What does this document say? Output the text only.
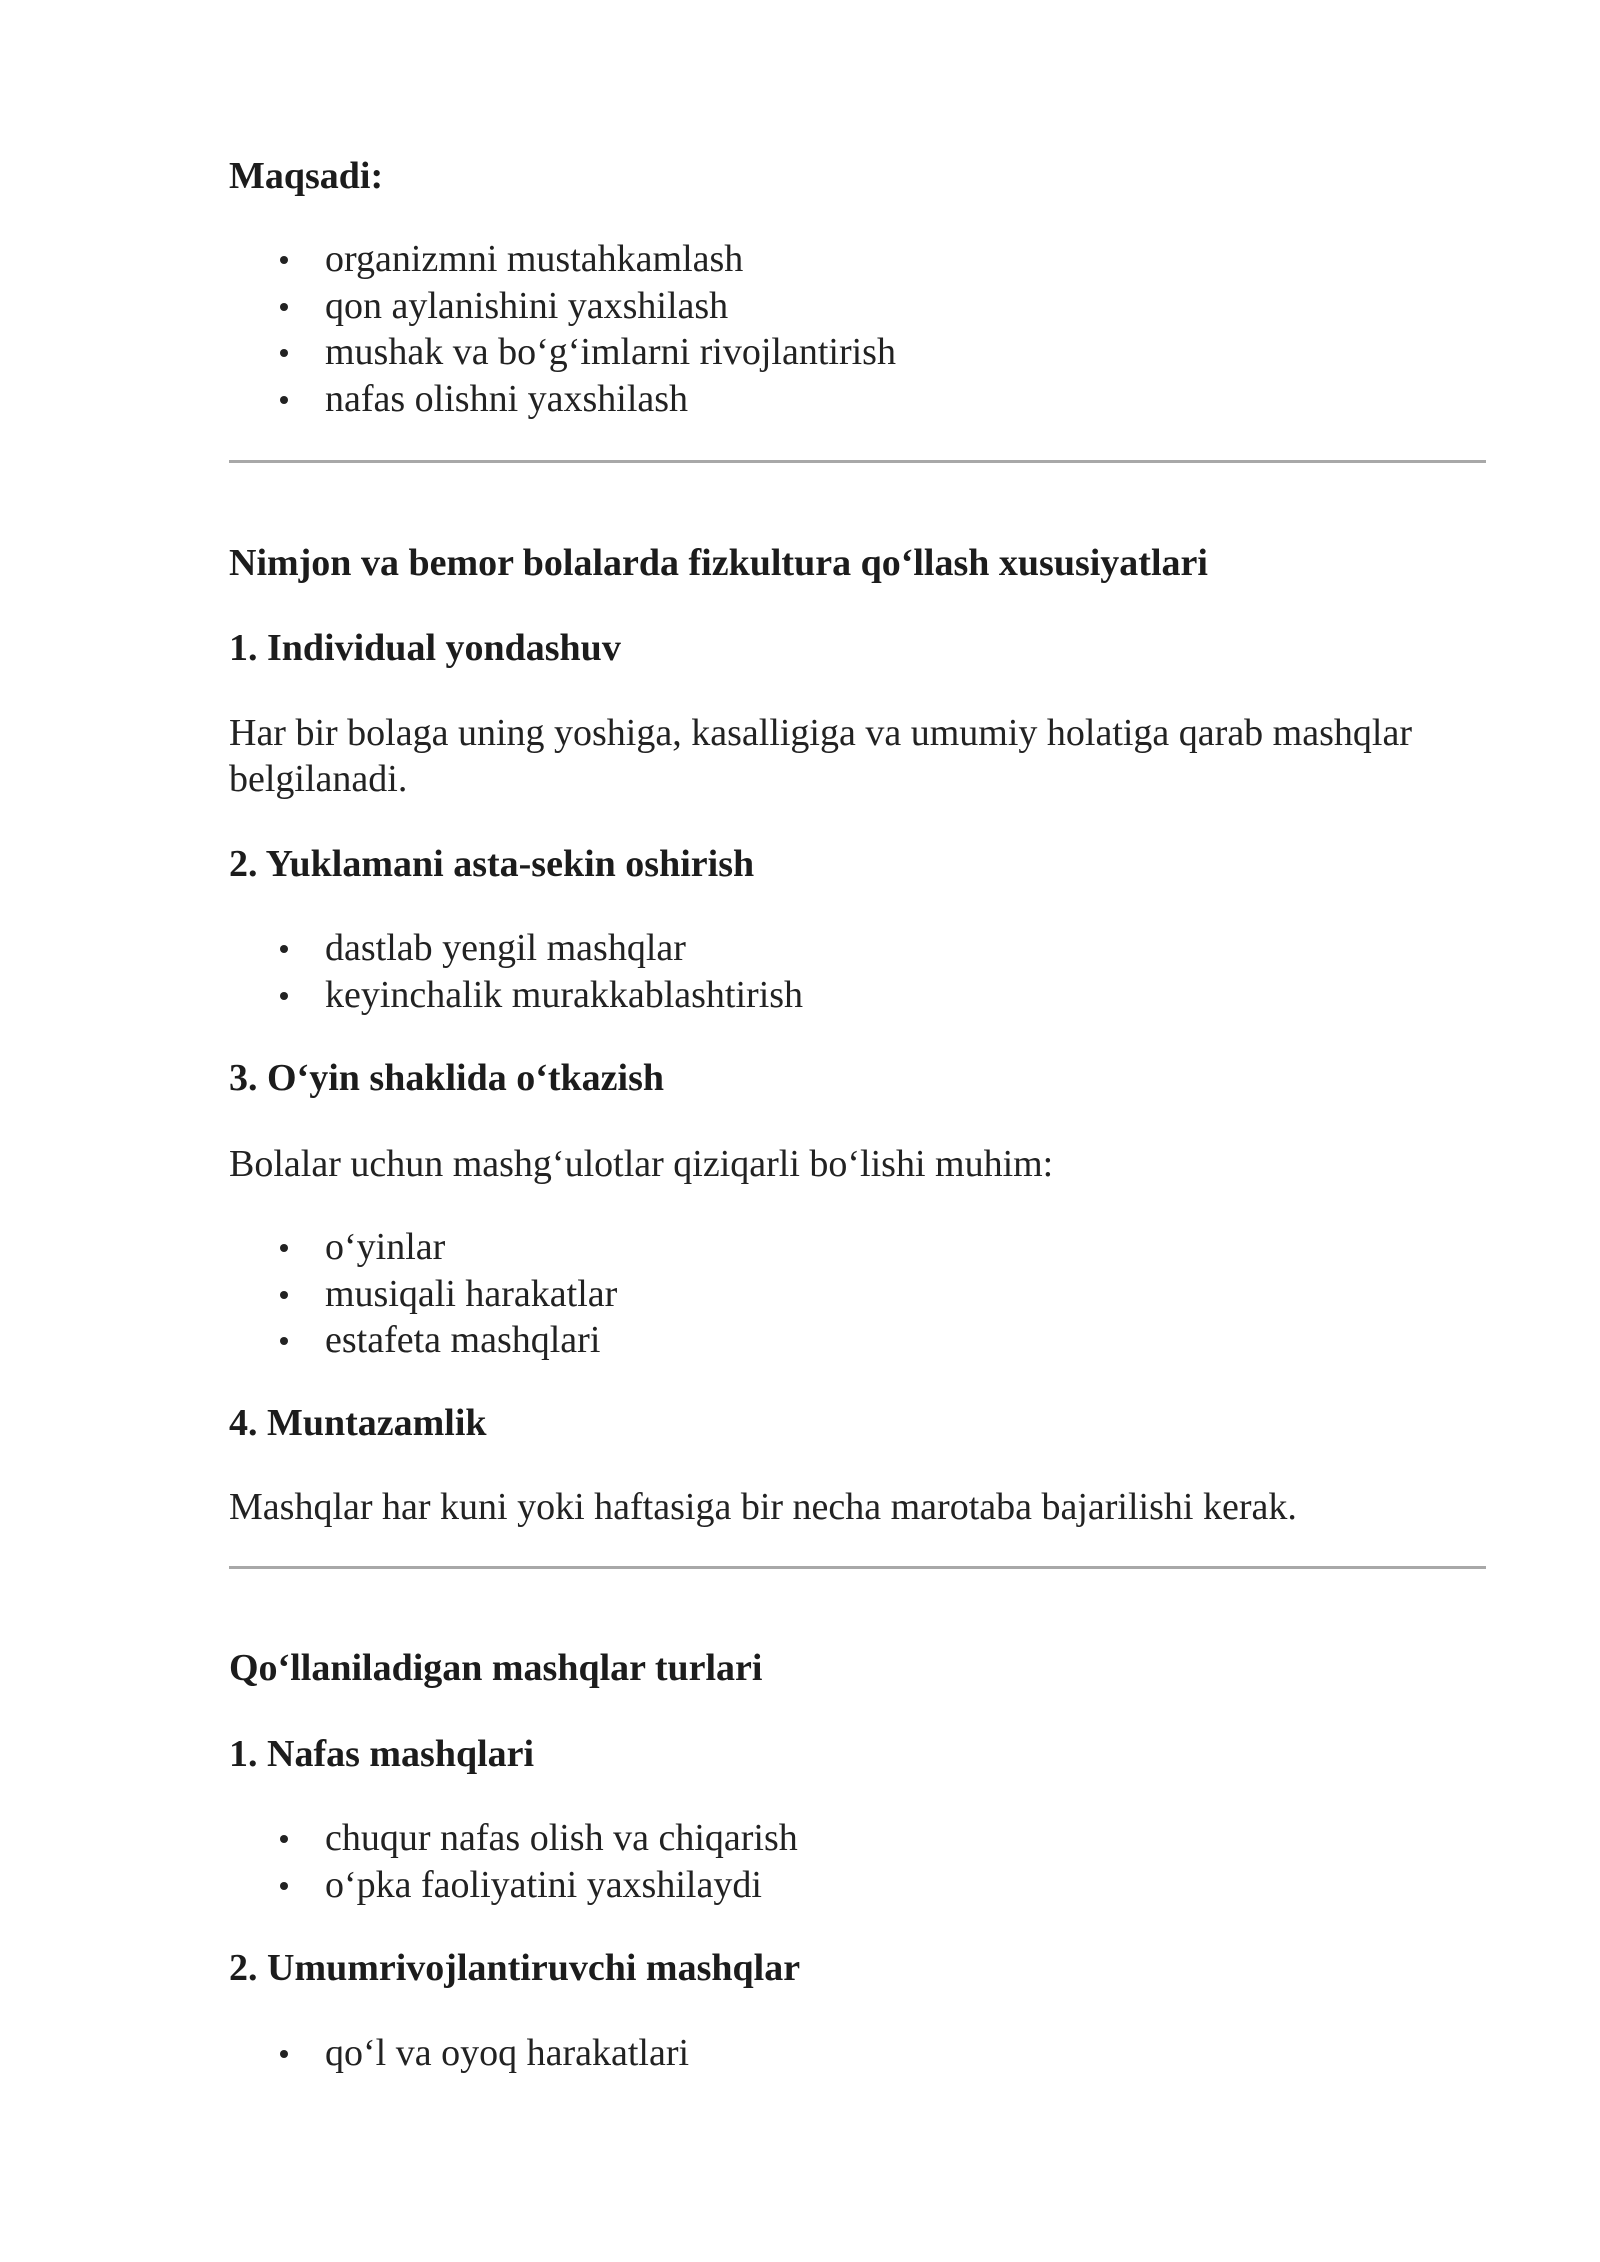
Maqsadi:
organizmni mustahkamlash
qon aylanishini yaxshilash
mushak va bo‘g‘imlarni rivojlantirish
nafas olishni yaxshilash
Nimjon va bemor bolalarda fizkultura qo‘llash xususiyatlari
1. Individual yondashuv
Har bir bolaga uning yoshiga, kasalligiga va umumiy holatiga qarab mashqlar belgilanadi.
2. Yuklamani asta-sekin oshirish
dastlab yengil mashqlar
keyinchalik murakkablashtirish
3. O‘yin shaklida o‘tkazish
Bolalar uchun mashg‘ulotlar qiziqarli bo‘lishi muhim:
o‘yinlar
musiqali harakatlar
estafeta mashqlari
4. Muntazamlik
Mashqlar har kuni yoki haftasiga bir necha marotaba bajarilishi kerak.
Qo‘llaniladigan mashqlar turlari
1. Nafas mashqlari
chuqur nafas olish va chiqarish
o‘pka faoliyatini yaxshilaydi
2. Umumrivojlantiruvchi mashqlar
qo‘l va oyoq harakatlari
